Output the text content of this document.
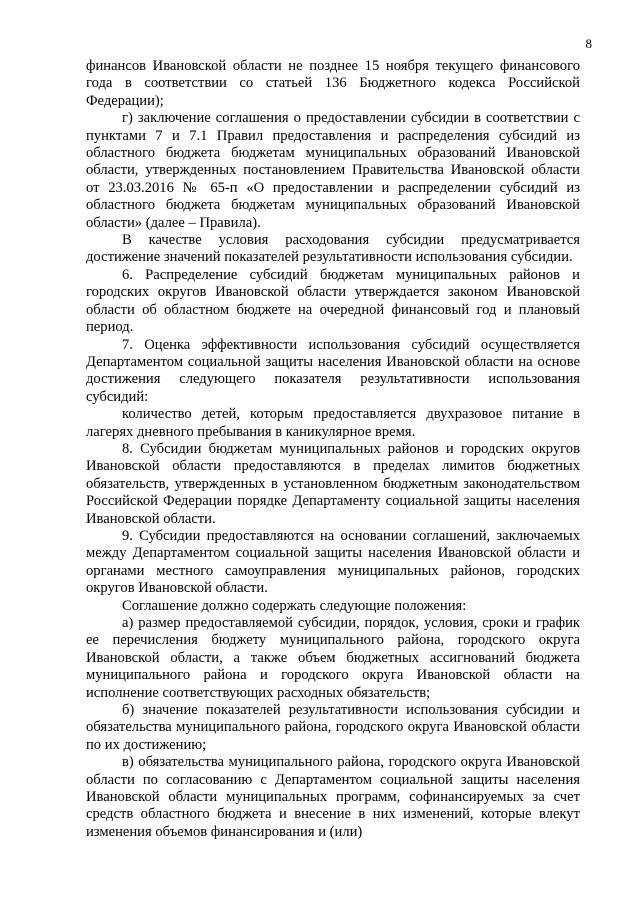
8

финансов Ивановской области не позднее 15 ноября текущего финансового года в соответствии со статьей 136 Бюджетного кодекса Российской Федерации);

г) заключение соглашения о предоставлении субсидии в соответствии с пунктами 7 и 7.1 Правил предоставления и распределения субсидий из областного бюджета бюджетам муниципальных образований Ивановской области, утвержденных постановлением Правительства Ивановской области от 23.03.2016 № 65-п «О предоставлении и распределении субсидий из областного бюджета бюджетам муниципальных образований Ивановской области» (далее – Правила).

В качестве условия расходования субсидии предусматривается достижение значений показателей результативности использования субсидии.

6. Распределение субсидий бюджетам муниципальных районов и городских округов Ивановской области утверждается законом Ивановской области об областном бюджете на очередной финансовый год и плановый период.

7. Оценка эффективности использования субсидий осуществляется Департаментом социальной защиты населения Ивановской области на основе достижения следующего показателя результативности использования субсидий:

количество детей, которым предоставляется двухразовое питание в лагерях дневного пребывания в каникулярное время.

8. Субсидии бюджетам муниципальных районов и городских округов Ивановской области предоставляются в пределах лимитов бюджетных обязательств, утвержденных в установленном бюджетным законодательством Российской Федерации порядке Департаменту социальной защиты населения Ивановской области.

9. Субсидии предоставляются на основании соглашений, заключаемых между Департаментом социальной защиты населения Ивановской области и органами местного самоуправления муниципальных районов, городских округов Ивановской области.

Соглашение должно содержать следующие положения:

а) размер предоставляемой субсидии, порядок, условия, сроки и график ее перечисления бюджету муниципального района, городского округа Ивановской области, а также объем бюджетных ассигнований бюджета муниципального района и городского округа Ивановской области на исполнение соответствующих расходных обязательств;

б) значение показателей результативности использования субсидии и обязательства муниципального района, городского округа Ивановской области по их достижению;

в) обязательства муниципального района, городского округа Ивановской области по согласованию с Департаментом социальной защиты населения Ивановской области муниципальных программ, софинансируемых за счет средств областного бюджета и внесение в них изменений, которые влекут изменения объемов финансирования и (или)
